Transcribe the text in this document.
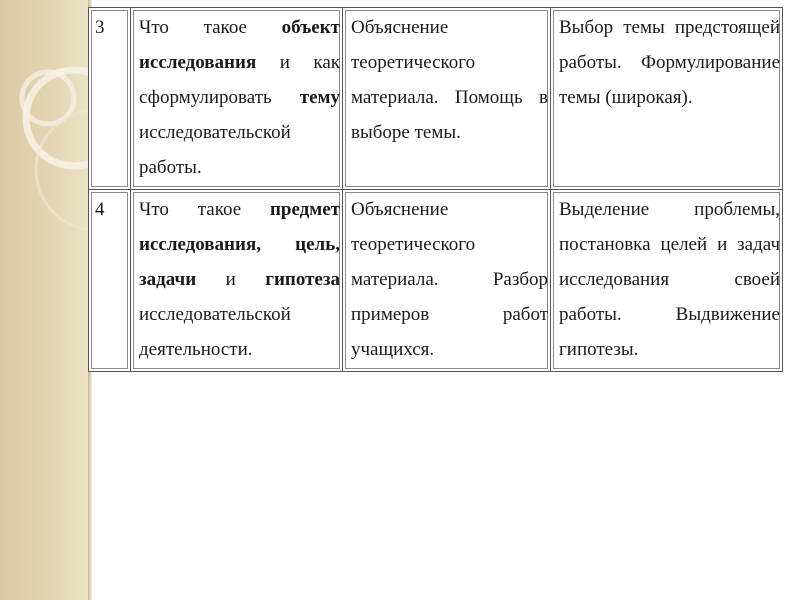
3	Что такое объект исследования и как сформулировать тему исследовательской работы.	Объяснение теоретического материала. Помощь в выборе темы.	Выбор темы предстоящей работы. Формулирование темы (широкая).
4	Что такое предмет исследования, цель, задачи и гипотеза исследовательской деятельности.	Объяснение теоретического материала. Разбор примеров работ учащихся.	Выделение проблемы, постановка целей и задач исследования своей работы. Выдвижение гипотезы.
